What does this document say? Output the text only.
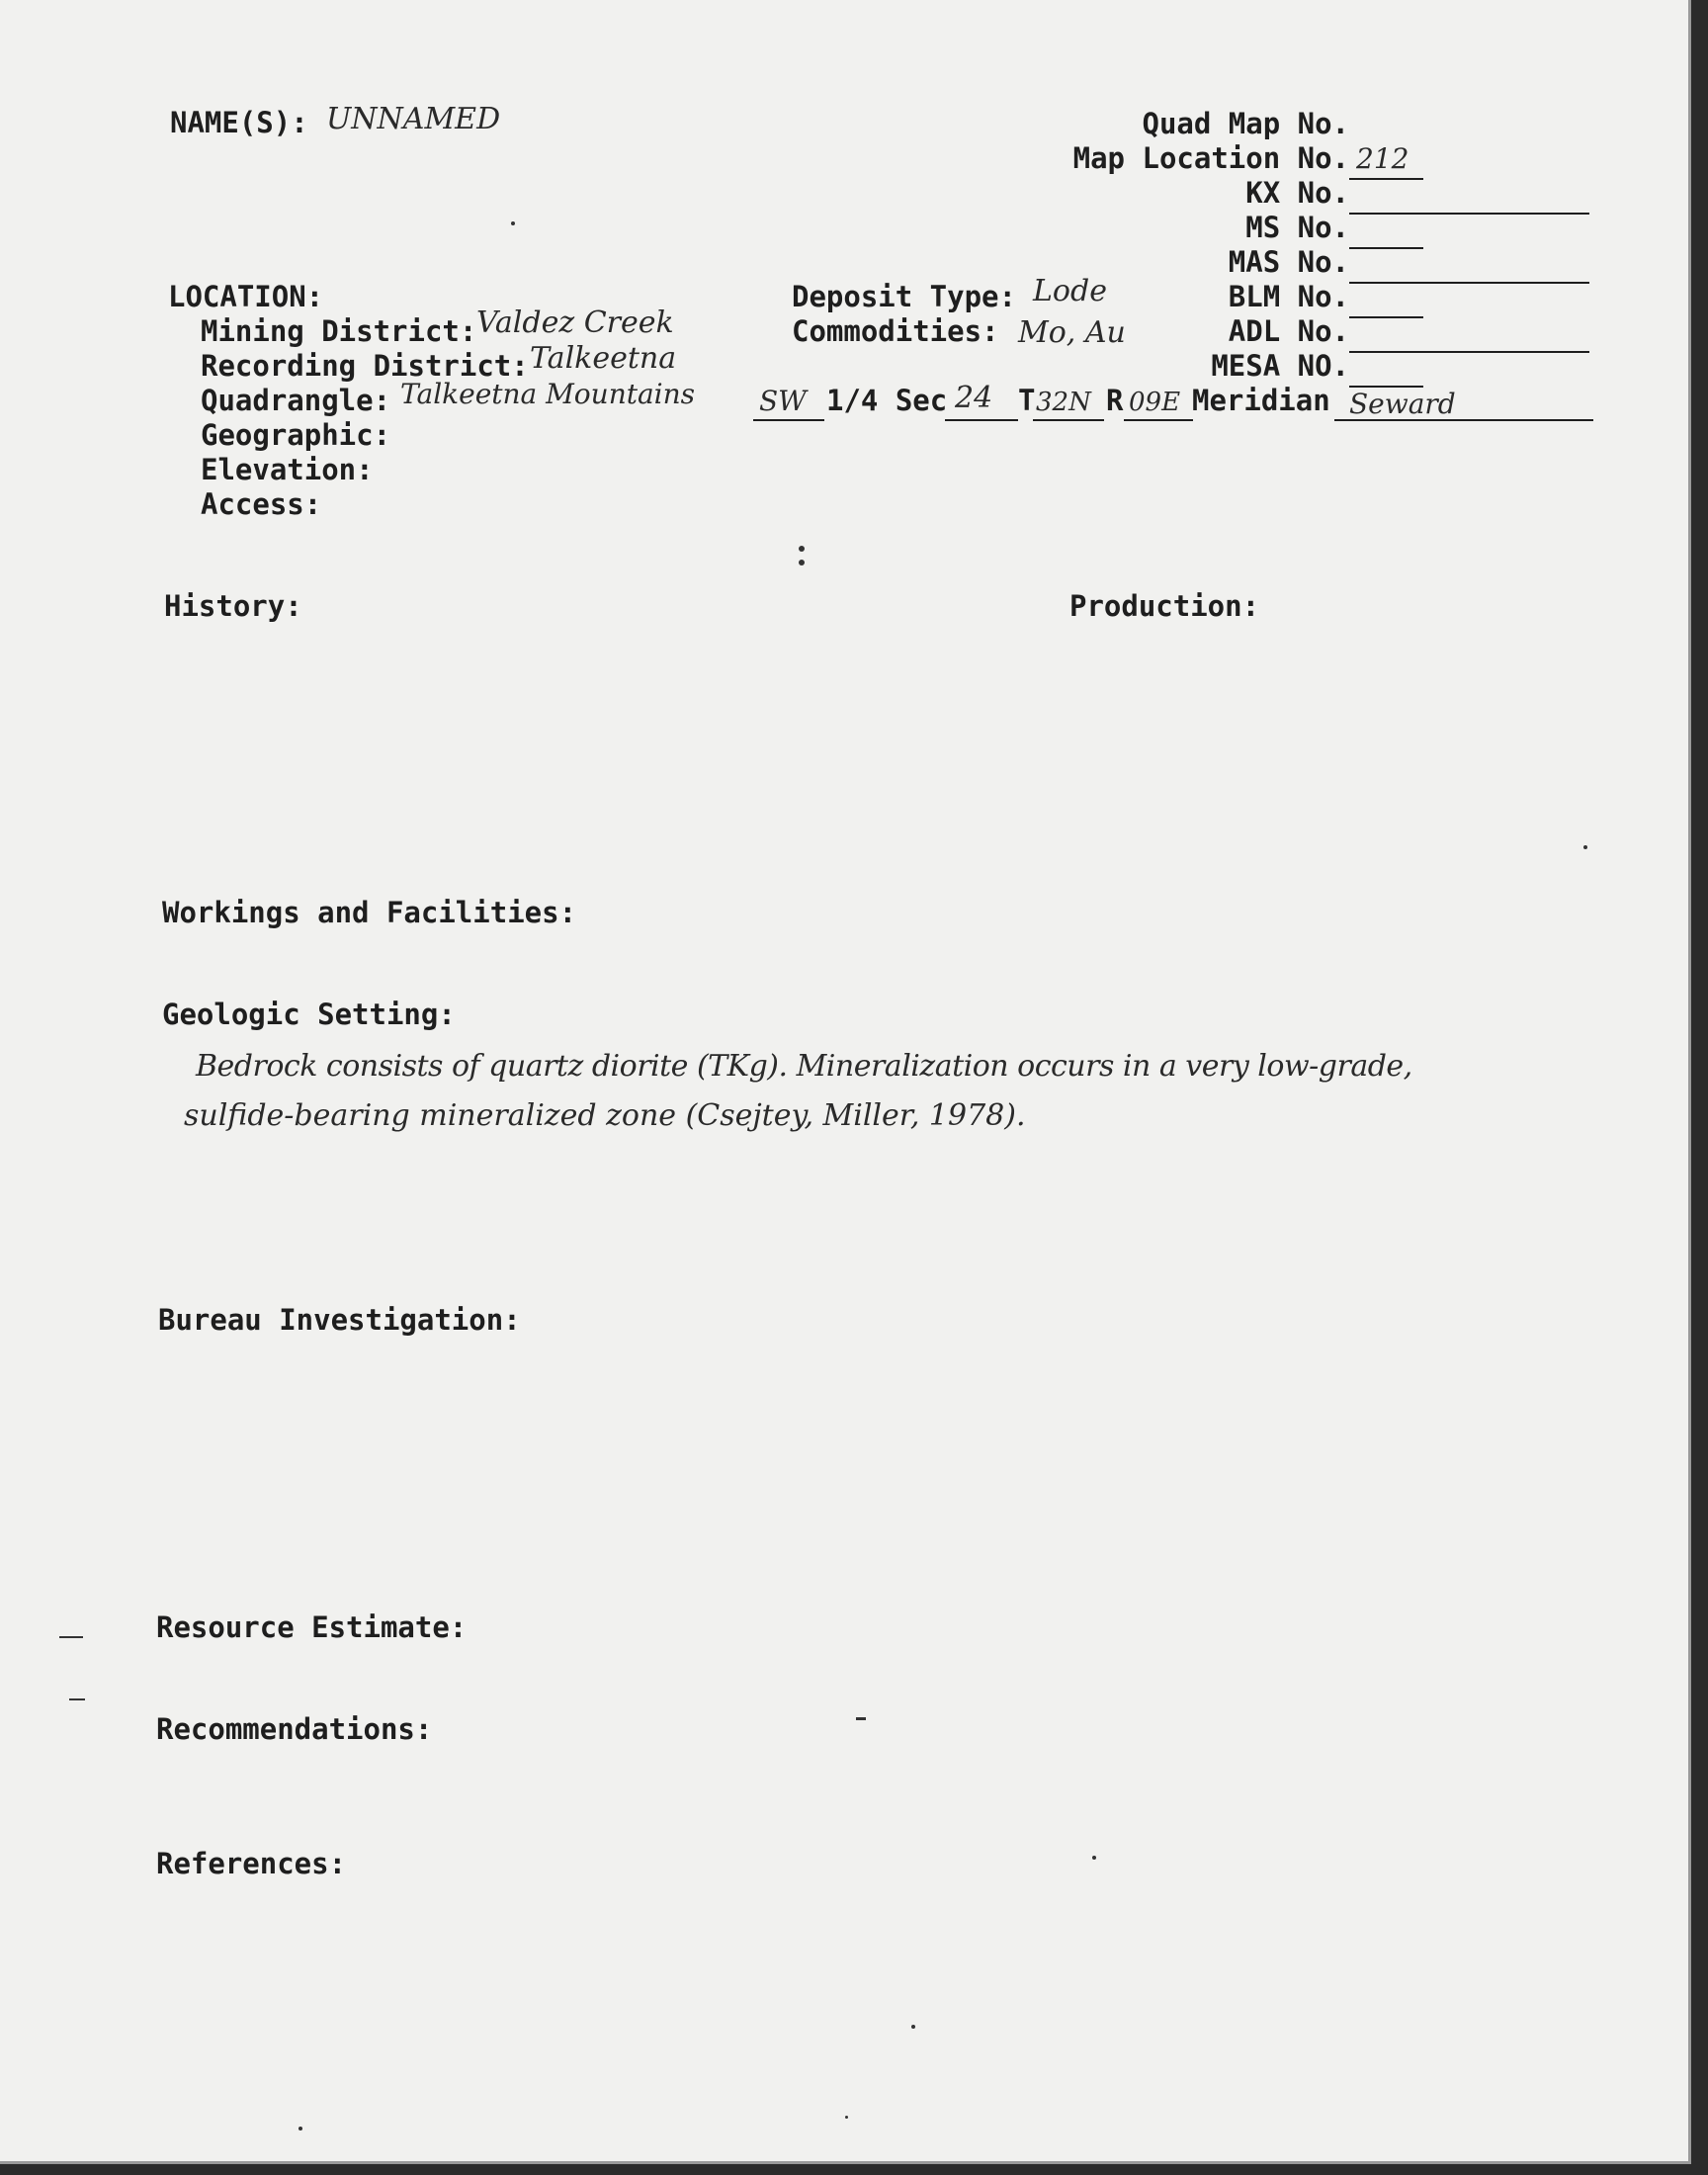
NAME(S): UNNAMED	Quad Map No.
Map Location No. 212
KX No.
MS No.
MAS No.
BLM No.
ADL No.
MESA NO.
LOCATION:
Mining District: Valdez Creek
Recording District: Talkeetna
Quadrangle: Talkeetna Mountains
Geographic:
Elevation:
Access:
Deposit Type: Lode
Commodities: Mo, Au
SW 1/4 Sec 24 T 32N R 09E Meridian Seward
History:	Production:
Workings and Facilities:
Geologic Setting:
Bedrock consists of quartz diorite (TKg). Mineralization occurs in a very low-grade,
sulfide-bearing mineralized zone (Csejtey, Miller, 1978).
Bureau Investigation:
Resource Estimate:
Recommendations:
References:
